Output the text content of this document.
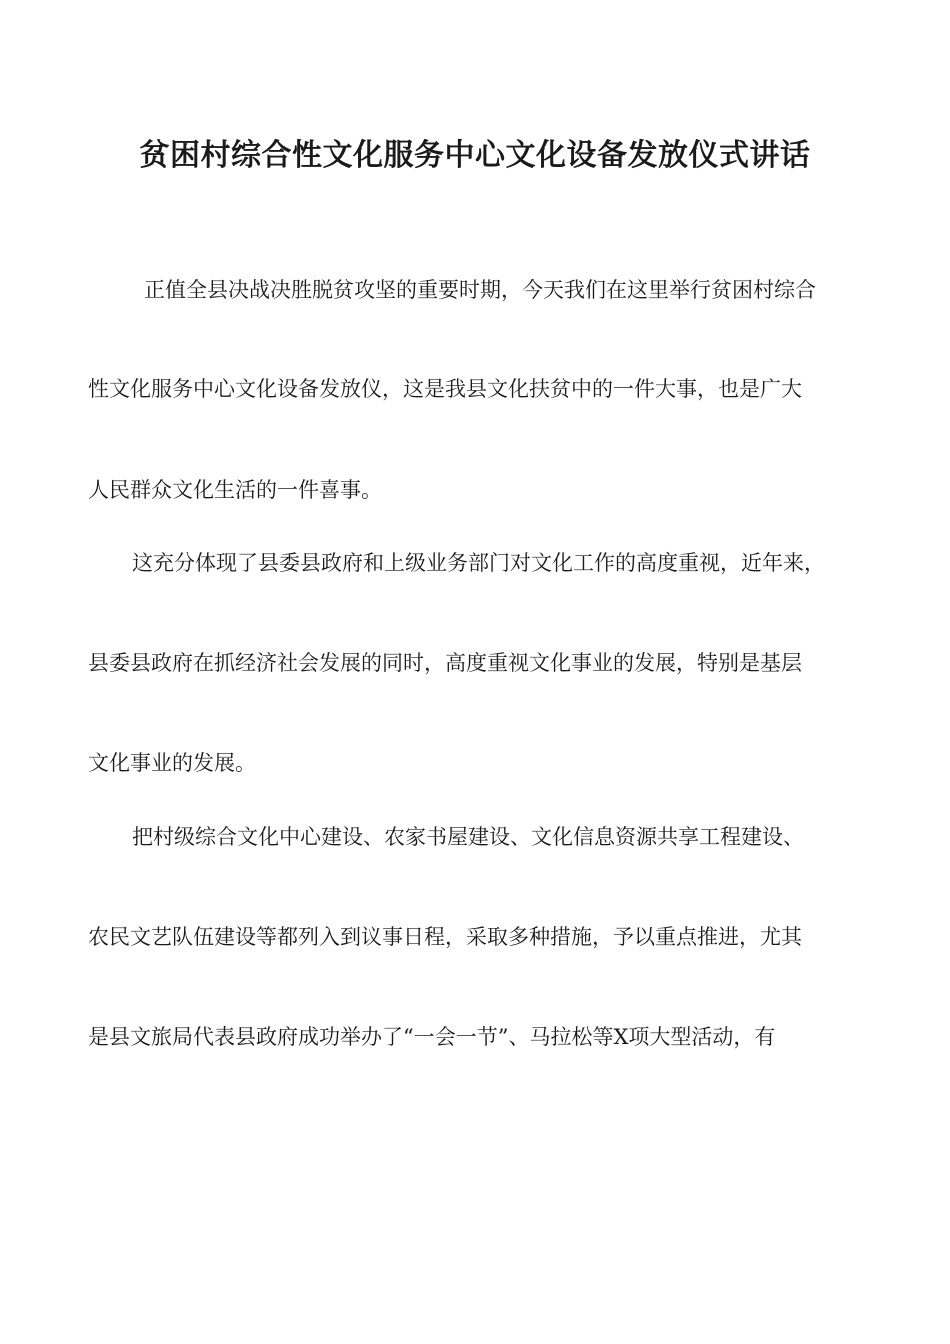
贫困村综合性文化服务中心文化设备发放仪式讲话
正值全县决战决胜脱贫攻坚的重要时期，今天我们在这里举行贫困村综合
性文化服务中心文化设备发放仪，这是我县文化扶贫中的一件大事，也是广大
人民群众文化生活的一件喜事。
这充分体现了县委县政府和上级业务部门对文化工作的高度重视，近年来，
县委县政府在抓经济社会发展的同时，高度重视文化事业的发展，特别是基层
文化事业的发展。
把村级综合文化中心建设、农家书屋建设、文化信息资源共享工程建设、
农民文艺队伍建设等都列入到议事日程，采取多种措施，予以重点推进，尤其
是县文旅局代表县政府成功举办了“一会一节”、马拉松等X项大型活动，有
